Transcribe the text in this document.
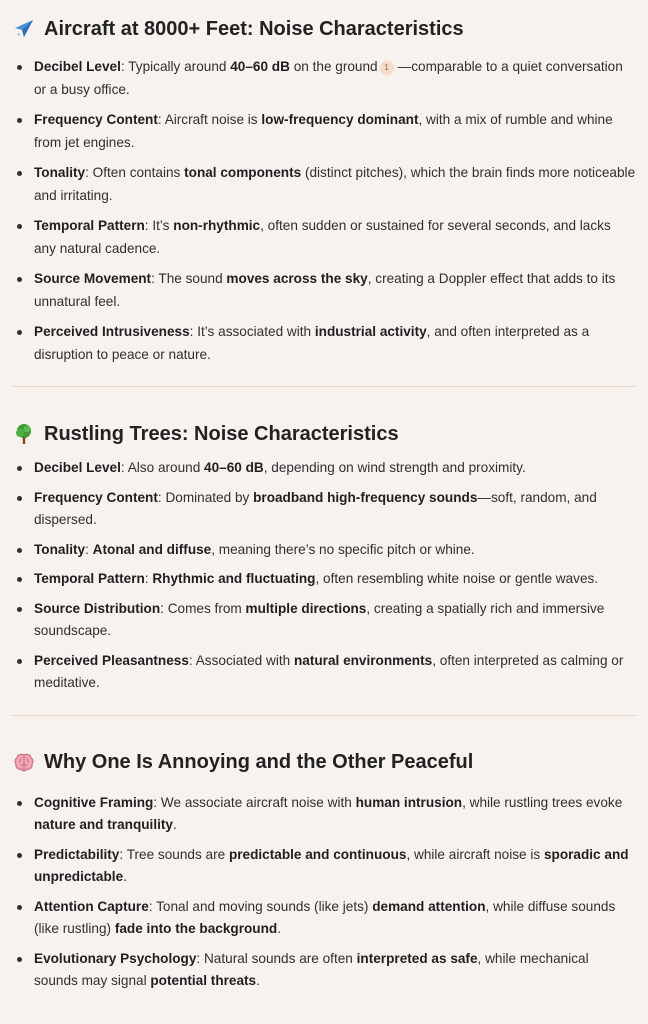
Aircraft at 8000+ Feet: Noise Characteristics
Decibel Level: Typically around 40–60 dB on the ground 1 —comparable to a quiet conversation or a busy office.
Frequency Content: Aircraft noise is low-frequency dominant, with a mix of rumble and whine from jet engines.
Tonality: Often contains tonal components (distinct pitches), which the brain finds more noticeable and irritating.
Temporal Pattern: It’s non-rhythmic, often sudden or sustained for several seconds, and lacks any natural cadence.
Source Movement: The sound moves across the sky, creating a Doppler effect that adds to its unnatural feel.
Perceived Intrusiveness: It’s associated with industrial activity, and often interpreted as a disruption to peace or nature.
Rustling Trees: Noise Characteristics
Decibel Level: Also around 40–60 dB, depending on wind strength and proximity.
Frequency Content: Dominated by broadband high-frequency sounds—soft, random, and dispersed.
Tonality: Atonal and diffuse, meaning there’s no specific pitch or whine.
Temporal Pattern: Rhythmic and fluctuating, often resembling white noise or gentle waves.
Source Distribution: Comes from multiple directions, creating a spatially rich and immersive soundscape.
Perceived Pleasantness: Associated with natural environments, often interpreted as calming or meditative.
Why One Is Annoying and the Other Peaceful
Cognitive Framing: We associate aircraft noise with human intrusion, while rustling trees evoke nature and tranquility.
Predictability: Tree sounds are predictable and continuous, while aircraft noise is sporadic and unpredictable.
Attention Capture: Tonal and moving sounds (like jets) demand attention, while diffuse sounds (like rustling) fade into the background.
Evolutionary Psychology: Natural sounds are often interpreted as safe, while mechanical sounds may signal potential threats.
